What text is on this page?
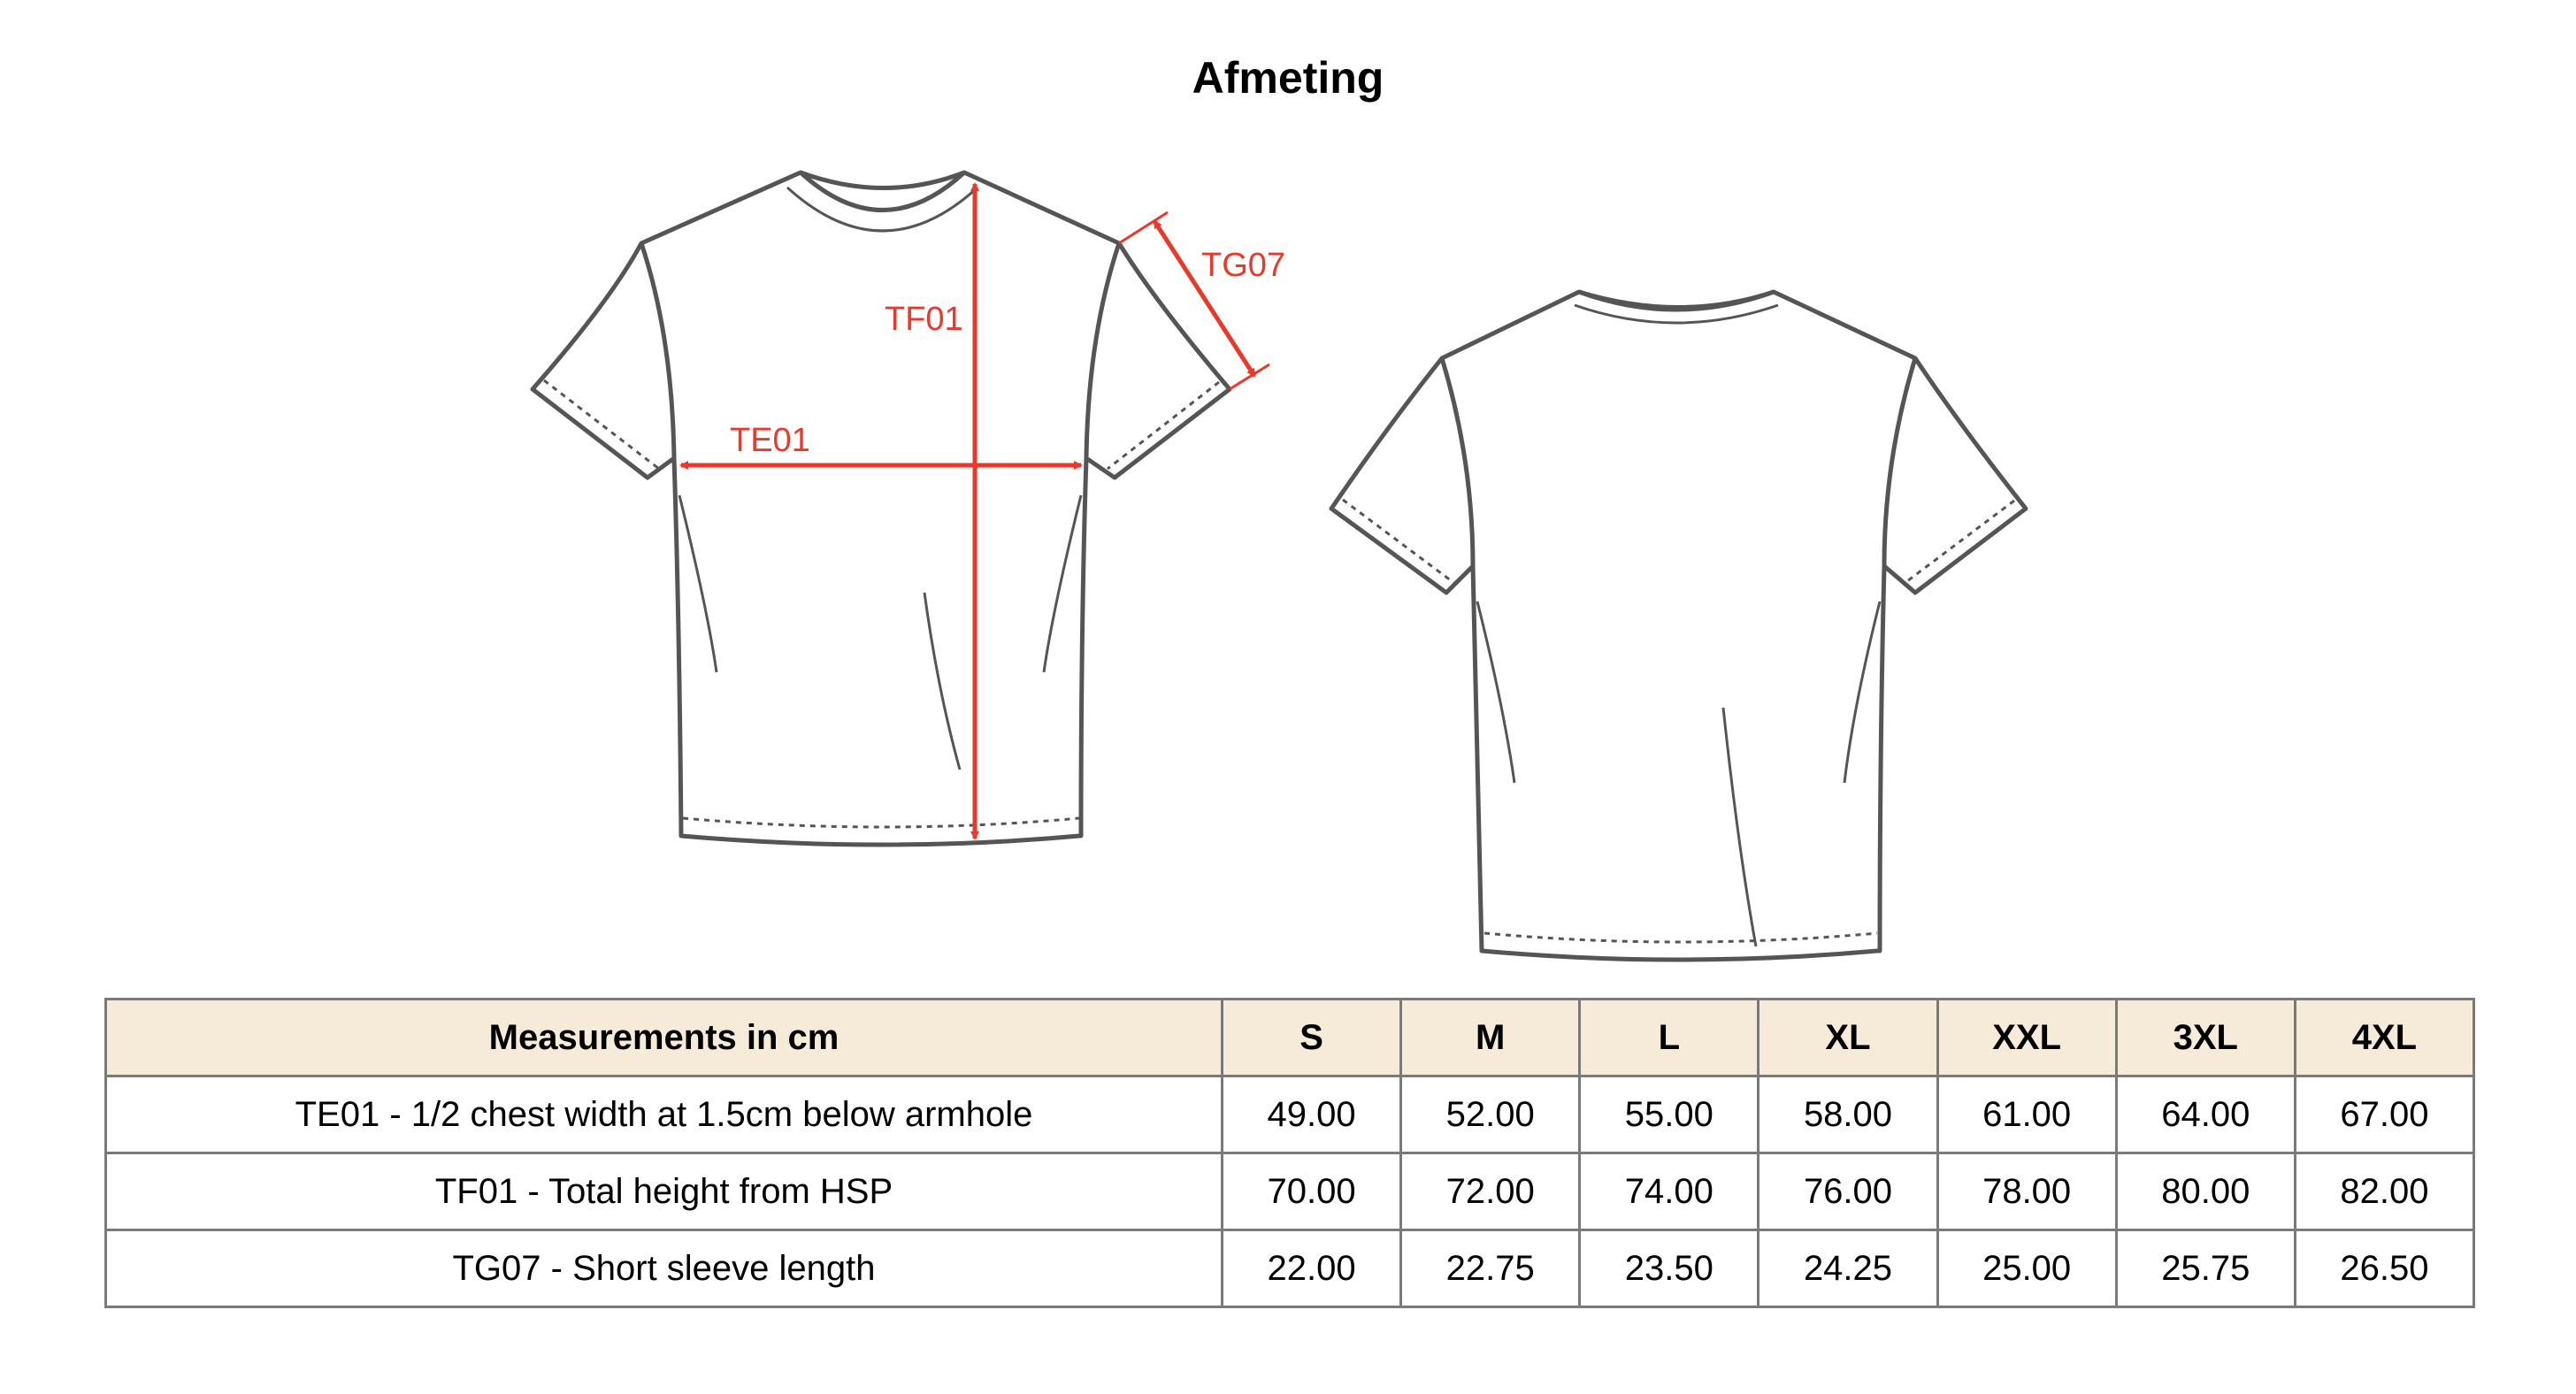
Afmeting
TF01
TE01
TG07
Measurements in cm	S	M	L	XL	XXL	3XL	4XL
TE01 - 1/2 chest width at 1.5cm below armhole	49.00	52.00	55.00	58.00	61.00	64.00	67.00
TF01 - Total height from HSP	70.00	72.00	74.00	76.00	78.00	80.00	82.00
TG07 - Short sleeve length	22.00	22.75	23.50	24.25	25.00	25.75	26.50
